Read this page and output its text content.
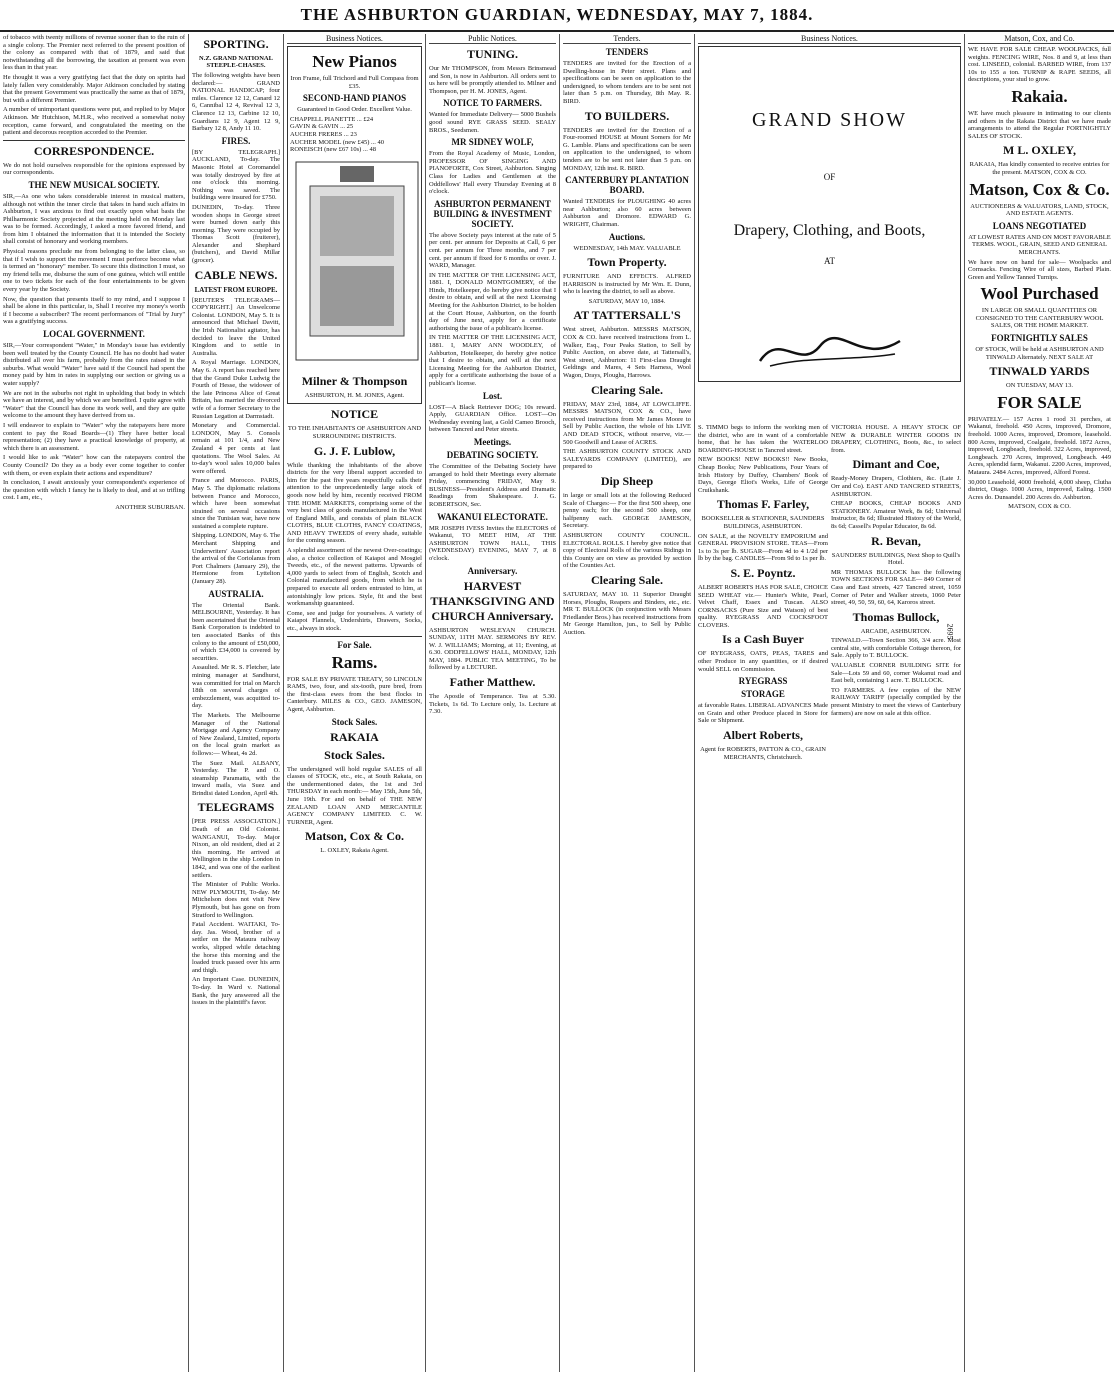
THE ASHBURTON GUARDIAN, WEDNESDAY, MAY 7, 1884.

of tobacco with twenty millions of revenue sooner than to the ruin of a single colony. The Premier next referred to the present position of the colony as compared with that of 1879, and said that notwithstanding all the borrowing, the taxation at present was even less than in that year.

He thought it was a very gratifying fact that the duty on spirits had lately fallen very considerably. Major Atkinson concluded by stating that the present Government was practically the same as that of 1879, but with a different Premier.

A number of unimportant questions were put, and replied to by Major Atkinson. Mr Hutchison, M.H.R., who received a somewhat noisy reception, came forward, and congratulated the meeting on the patient and decorous reception accorded to the Premier.

CORRESPONDENCE.

We do not hold ourselves responsible for the opinions expressed by our correspondents.

THE NEW MUSICAL SOCIETY.

SIR,—As one who takes considerable interest in musical matters, although not within the inner circle that takes in hand such affairs in Ashburton, I was anxious to find out exactly upon what basis the Philharmonic Society projected at the meeting held on Monday last was to be formed. Accordingly, I asked a more favored friend, and from him I obtained the information that it is intended the Society shall consist of honorary and working members.

Physical reasons preclude me from belonging to the latter class, so that if I wish to support the movement I must perforce become what is termed an "honorary" member. To secure this distinction I must, so my friend tells me, disburse the sum of one guinea, which will entitle one to two tickets for each of the four entertainments to be given every year by the Society.

Now, the question that presents itself to my mind, and I suppose I shall be alone in this particular, is, Shall I receive my money's worth if I become a subscriber? The recent performances of "Trial by Jury" was a gratifying success.

LOCAL GOVERNMENT.

SIR,—Your correspondent "Water," in Monday's issue has evidently been well treated by the County Council. He has no doubt had water distributed all over his farm, probably from the rates raised in the suburbs. What would "Water" have said if the Council had spent the money paid by him in rates in supplying our section or giving us a water supply?

We are not in the suburbs not right in upholding that body in which we have an interest, and by which we are benefited. I quite agree with "Water" that the Council has done its work well, and they are quite welcome to the amount they have derived from us.

I will endeavor to explain to "Water" why the ratepayers here more content to pay the Road Boards—(1) They have better local representation; (2) they have a practical knowledge of property, at which there is an assessment.

I would like to ask "Water" how can the ratepayers control the County Council? Do they as a body ever come together to confer with them, or even explain their actions and expenditure?

In conclusion, I await anxiously your correspondent's experience of the question with which I fancy he is likely to deal, and at so trifling cost. I am, etc.,

ANOTHER SUBURBAN.

SPORTING.
N.Z. GRAND NATIONAL STEEPLE-CHASES.

The following weights have been declared:— GRAND NATIONAL HANDICAP; four miles. Clarence 12 12, Canard 12 6, Cannibal 12 4, Revival 12 3, Clarence 12 13, Carbine 12 10, Guardians 12 9, Agent 12 9, Barbary 12 8, Andy 11 10.

FIRES.

[BY TELEGRAPH.] AUCKLAND, To-day. The Masonic Hotel at Coromandel was totally destroyed by fire at one o'clock this morning. Nothing was saved. The buildings were insured for £750.

DUNEDIN, To-day. Three wooden shops in George street were burned down early this morning. They were occupied by Thomas Scott (fruiterer), Alexander and Shephard (butchers), and David Millar (grocer).

CABLE NEWS.
LATEST FROM EUROPE.

[REUTER'S TELEGRAMS—COPYRIGHT.] An Unwelcome Colonist. LONDON, May 5. It is announced that Michael Davitt, the Irish Nationalist agitator, has decided to leave the United Kingdom and to settle in Australia.

A Royal Marriage. LONDON, May 6. A report has reached here that the Grand Duke Ludwig the Fourth of Hesse, the widower of the late Princess Alice of Great Britain, has married the divorced wife of a former Secretary to the Russian Legation at Darmstadt.

Monetary and Commercial. LONDON, May 5. Consols remain at 101 1/4, and New Zealand 4 per cents at last quotations. The Wool Sales. At to-day's wool sales 10,000 bales were offered.

France and Morocco. PARIS, May 5. The diplomatic relations between France and Morocco, which have been somewhat strained on several occasions since the Tunisian war, have now sustained a complete rupture.

Shipping. LONDON, May 6. The Merchant Shipping and Underwriters' Association report the arrival of the Coriolanus from Port Chalmers (January 29), the Hermione from Lyttelton (January 28).

AUSTRALIA.

The Oriental Bank. MELBOURNE, Yesterday. It has been ascertained that the Oriental Bank Corporation is indebted to ten associated Banks of this colony to the amount of £50,000, of which £34,000 is covered by securities.

Assaulted. Mr R. S. Fletcher, late mining manager at Sandhurst, was committed for trial on March 18th on several charges of embezzlement, was acquitted to-day.

The Markets. The Melbourne Manager of the National Mortgage and Agency Company of New Zealand, Limited, reports on the local grain market as follows:— Wheat, 4s 2d.

The Suez Mail. ALBANY, Yesterday. The P. and O. steamship Paramatta, with the inward mails, via Suez and Brindisi dated London, April 4th.

TELEGRAMS

[PER PRESS ASSOCIATION.] Death of an Old Colonist. WANGANUI, To-day. Major Nixon, an old resident, died at 2 this morning. He arrived at Wellington in the ship London in 1842, and was one of the earliest settlers.

The Minister of Public Works. NEW PLYMOUTH, To-day. Mr Mitchelson does not visit New Plymouth, but has gone on from Stratford to Wellington.

Fatal Accident. WAITAKI, To-day. Jas. Wood, brother of a settler on the Mataura railway works, slipped while detaching the horse this morning and the loaded truck passed over his arm and thigh.

An Important Case. DUNEDIN, To-day. In Ward v. National Bank, the jury answered all the issues in the plaintiff's favor.

Business Notices.
New Pianos

Iron Frame, full Trichord and Full Compass from £35.

SECOND-HAND PIANOS

Guaranteed in Good Order. Excellent Value.

CHAPPELL PIANETTE ... £24
GAVIN & GAVIN ... 25
AUCHER FRERES ... 23
AUCHER MODEL (new £45) ... 40
RONEISCH (new £67 10s) ... 48

Milner & Thompson

ASHBURTON, H. M. JONES, Agent.

NOTICE

TO THE INHABITANTS OF ASHBURTON AND SURROUNDING DISTRICTS.

G. J. F. Lublow,

While thanking the inhabitants of the above districts for the very liberal support accorded to him for the past five years respectfully calls their attention to the unprecedentedly large stock of goods now held by him, recently received FROM THE HOME MARKETS, comprising some of the very best class of goods manufactured in the West of England Mills, and consists of plain BLACK CLOTHS, BLUE CLOTHS, FANCY COATINGS, AND HEAVY TWEEDS of every shade, suitable for the coming season.

A splendid assortment of the newest Over-coatings; also, a choice collection of Kaiapoi and Mosgiel Tweeds, etc., of the newest patterns. Upwards of 4,000 yards to select from of English, Scotch and Colonial manufactured goods, from which he is prepared to execute all orders entrusted to him, at astonishingly low prices. Style, fit and the best workmanship guaranteed.

Come, see and judge for yourselves. A variety of Kaiapoi Flannels, Undershirts, Drawers, Socks, etc., always in stock.

For Sale.
Rams.

FOR SALE BY PRIVATE TREATY, 50 LINCOLN RAMS, two, four, and six-tooth, pure bred, from the first-class ewes from the best flocks in Canterbury. MILES & CO., GEO. JAMESON, Agent, Ashburton.

Stock Sales.
RAKAIA
Stock Sales.

The undersigned will hold regular SALES of all classes of STOCK, etc., etc., at South Rakaia, on the undermentioned dates, the 1st and 3rd THURSDAY in each month:— May 15th, June 5th, June 19th. For and on behalf of THE NEW ZEALAND LOAN AND MERCANTILE AGENCY COMPANY LIMITED. C. W. TURNER, Agent.

Matson, Cox & Co.

L. OXLEY, Rakaia Agent.

Public Notices.
TUNING.

Our Mr THOMPSON, from Messrs Brinsmead and Son, is now in Ashburton. All orders sent to us here will be promptly attended to. Milner and Thompson, per H. M. JONES, Agent.

NOTICE TO FARMERS.

Wanted for Immediate Delivery— 5000 Bushels good sound RYE GRASS SEED. SEALY BROS., Seedsmen.

MR SIDNEY WOLF,

From the Royal Academy of Music, London, PROFESSOR OF SINGING AND PIANOFORTE, Cox Street, Ashburton. Singing Class for Ladies and Gentlemen at the Oddfellows' Hall every Thursday Evening at 8 o'clock.

ASHBURTON PERMANENT BUILDING & INVESTMENT SOCIETY.

The above Society pays interest at the rate of 5 per cent. per annum for Deposits at Call, 6 per cent. per annum for Three months, and 7 per cent. per annum if fixed for 6 months or over. J. WARD, Manager.

IN THE MATTER OF THE LICENSING ACT, 1881. I, DONALD MONTGOMERY, of the Hinds, Hotelkeeper, do hereby give notice that I desire to obtain, and will at the next Licensing Meeting for the Ashburton District, to be holden at the Court House, Ashburton, on the fourth day of June next, apply for a certificate authorising the issue of a publican's license.

IN THE MATTER OF THE LICENSING ACT, 1881. I, MARY ANN WOODLEY, of Ashburton, Hotelkeeper, do hereby give notice that I desire to obtain, and will at the next Licensing Meeting for the Ashburton District, apply for a certificate authorising the issue of a publican's license.

Lost.

LOST—A Black Retriever DOG; 10s reward. Apply, GUARDIAN Office. LOST—On Wednesday evening last, a Gold Cameo Brooch, between Tancred and Peter streets.

Meetings.
DEBATING SOCIETY.

The Committee of the Debating Society have arranged to hold their Meetings every alternate Friday, commencing FRIDAY, May 9. BUSINESS—President's Address and Dramatic Readings from Shakespeare. J. G. ROBERTSON, Sec.

WAKANUI ELECTORATE.

MR JOSEPH IVESS Invites the ELECTORS of Wakanui, TO MEET HIM, AT THE ASHBURTON TOWN HALL, THIS (WEDNESDAY) EVENING, MAY 7, at 8 o'clock.

Anniversary.
HARVEST THANKSGIVING AND CHURCH Anniversary.

ASHBURTON WESLEYAN CHURCH. SUNDAY, 11TH MAY. SERMONS BY REV. W. J. WILLIAMS; Morning, at 11; Evening, at 6.30. ODDFELLOWS' HALL, MONDAY, 12th MAY, 1884. PUBLIC TEA MEETING, To be followed by a LECTURE.

Father Matthew.

The Apostle of Temperance. Tea at 5.30. Tickets, 1s 6d. To Lecture only, 1s. Lecture at 7.30.

Tenders.
TENDERS

TENDERS are invited for the Erection of a Dwelling-house in Peter street. Plans and specifications can be seen on application to the undersigned, to whom tenders are to be sent not later than 5 p.m. on Thursday, 8th May. R. BIRD.

TO BUILDERS.

TENDERS are invited for the Erection of a Four-roomed HOUSE at Mount Somers for Mr G. Lamble. Plans and specifications can be seen on application to the undersigned, to whom tenders are to be sent not later than 5 p.m. on MONDAY, 12th inst. R. BIRD.

CANTERBURY PLANTATION BOARD.

Wanted TENDERS for PLOUGHING 40 acres near Ashburton; also 60 acres between Ashburton and Dromore. EDWARD G. WRIGHT, Chairman.

Auctions.

WEDNESDAY, 14th MAY. VALUABLE

Town Property.

FURNITURE AND EFFECTS. ALFRED HARRISON is instructed by Mr Wm. E. Dunn, who is leaving the district, to sell as above.

SATURDAY, MAY 10, 1884.

AT TATTERSALL'S

West street, Ashburton. MESSRS MATSON, COX & CO. have received instructions from L. Walker, Esq., Four Peaks Station, to Sell by Public Auction, on above date, at Tattersall's, West street, Ashburton: 11 First-class Draught Geldings and Mares, 4 Sets Harness, Wool Wagon, Drays, Ploughs, Harrows.

Clearing Sale.

FRIDAY, MAY 23rd, 1884, AT LOWCLIFFE. MESSRS MATSON, COX & CO., have received instructions from Mr James Moore to Sell by Public Auction, the whole of his LIVE AND DEAD STOCK, without reserve, viz.— 500 Goodwill and Lease of ACRES.

THE ASHBURTON COUNTY STOCK AND SALEYARDS COMPANY (LIMITED), are prepared to

Dip Sheep

in large or small lots at the following Reduced Scale of Charges:— For the first 500 sheep, one penny each; for the second 500 sheep, one halfpenny each. GEORGE JAMESON, Secretary.

ASHBURTON COUNTY COUNCIL. ELECTORAL ROLLS. I hereby give notice that copy of Electoral Rolls of the various Ridings in this County are on view as provided by section of the Counties Act.

Clearing Sale.

SATURDAY, MAY 10. 11 Superior Draught Horses, Ploughs, Reapers and Binders, etc., etc. MR T. BULLOCK (in conjunction with Messrs Friedlander Bros.) has received instructions from Mr George Hamilton, jun., to Sell by Public Auction.

Business Notices.
GRAND SHOW
OF
Drapery, Clothing, and Boots,
AT
2695

S. TIMMO begs to inform the working men of the district, who are in want of a comfortable home, that he has taken the WATERLOO BOARDING-HOUSE in Tancred street.

NEW BOOKS! NEW BOOKS!! New Books, Cheap Books; New Publications, Four Years of Irish History by Duffey, Chambers' Book of Days, George Eliot's Works, Life of George Cruikshank.

Thomas F. Farley,

BOOKSELLER & STATIONER, SAUNDERS BUILDINGS, ASHBURTON.

ON SALE, at the NOVELTY EMPORIUM and GENERAL PROVISION STORE. TEAS—From 1s to 3s per lb. SUGAR—From 4d to 4 1/2d per lb by the bag. CANDLES—From 9d to 1s per lb.

S. E. Poyntz.

ALBERT ROBERTS HAS FOR SALE, CHOICE SEED WHEAT viz.— Hunter's White, Pearl, Velvet Chaff, Essex and Tuscan. ALSO CORNSACKS (Pure Size and Watson) of best quality. RYEGRASS AND COCKSFOOT CLOVERS.

Is a Cash Buyer

OF RYEGRASS, OATS, PEAS, TARES and other Produce in any quantities, or if desired would SELL on Commission.

RYEGRASS
STORAGE

at favorable Rates. LIBERAL ADVANCES Made on Grain and other Produce placed in Store for Sale or Shipment.

Albert Roberts,

Agent for ROBERTS, PATTON & CO., GRAIN MERCHANTS, Christchurch.

VICTORIA HOUSE. A HEAVY STOCK OF NEW & DURABLE WINTER GOODS IN DRAPERY, CLOTHING, Boots, &c., to select from.

Dimant and Coe,

Ready-Money Drapers, Clothiers, &c. (Late J. Orr and Co). EAST AND TANCRED STREETS, ASHBURTON.

CHEAP BOOKS, CHEAP BOOKS AND STATIONERY. Amateur Work, 8s 6d; Universal Instructor, 8s 6d; Illustrated History of the World, 8s 6d; Cassell's Popular Educator, 8s 6d.

R. Bevan,

SAUNDERS' BUILDINGS, Next Shop to Quill's Hotel.

MR THOMAS BULLOCK has the following TOWN SECTIONS FOR SALE— 849 Corner of Cass and East streets, 427 Tancred street, 1059 Corner of Peter and Walker streets, 1060 Peter street, 49, 50, 59, 60, 64, Karoros street.

Thomas Bullock,

ARCADE, ASHBURTON.

TINWALD.—Town Section 366, 3/4 acre. Most central site, with comfortable Cottage thereon, for Sale. Apply to T. BULLOCK.

VALUABLE CORNER BUILDING SITE for Sale—Lots 59 and 60, corner Wakanui road and East belt, containing 1 acre. T. BULLOCK.

TO FARMERS. A few copies of the NEW RAILWAY TARIFF (specially compiled by the present Ministry to meet the views of Canterbury farmers) are now on sale at this office.

Matson, Cox, and Co.

WE HAVE FOR SALE CHEAP. WOOLPACKS, full weights. FENCING WIRE, Nos. 8 and 9, at less than cost. LINSEED, colonial. BARBED WIRE, from 137 10s to 155 a ton. TURNIP & RAPE SEEDS, all descriptions, your stud to grow.

Rakaia.

WE have much pleasure in intimating to our clients and others in the Rakaia District that we have made arrangements to attend the Regular FORTNIGHTLY SALES OF STOCK.

M L. OXLEY,

RAKAIA, Has kindly consented to receive entries for the present. MATSON, COX & CO.

Matson, Cox & Co.

AUCTIONEERS & VALUATORS, LAND, STOCK, AND ESTATE AGENTS.

LOANS NEGOTIATED

AT LOWEST RATES AND ON MOST FAVORABLE TERMS. WOOL, GRAIN, SEED AND GENERAL MERCHANTS.

We have now on hand for sale— Woolpacks and Cornsacks. Fencing Wire of all sizes, Barbed Plain. Green and Yellow Tanned Turnips.

Wool Purchased

IN LARGE OR SMALL QUANTITIES OR CONSIGNED TO THE CANTERBURY WOOL SALES, OR THE HOME MARKET.

FORTNIGHTLY SALES

OF STOCK, Will be held at ASHBURTON AND TINWALD Alternately. NEXT SALE AT

TINWALD YARDS

ON TUESDAY, MAY 13.

FOR SALE

PRIVATELY.— 157 Acres 1 rood 31 perches, at Wakanui, freehold. 450 Acres, improved, Dromore, freehold. 1000 Acres, improved, Dromore, leasehold. 800 Acres, improved, Coalgate, freehold. 1872 Acres, improved, Longbeach, freehold. 322 Acres, improved, Longbeach. 270 Acres, improved, Longbeach. 449 Acres, splendid farm, Wakanui. 2200 Acres, improved, Mataura. 2484 Acres, improved, Alford Forest.

30,000 Leasehold, 4000 freehold, 4,000 sheep, Clutha district, Otago. 1000 Acres, improved, Ealing. 1500 Acres do. Dunsandel. 200 Acres do. Ashburton.

MATSON, COX & CO.
